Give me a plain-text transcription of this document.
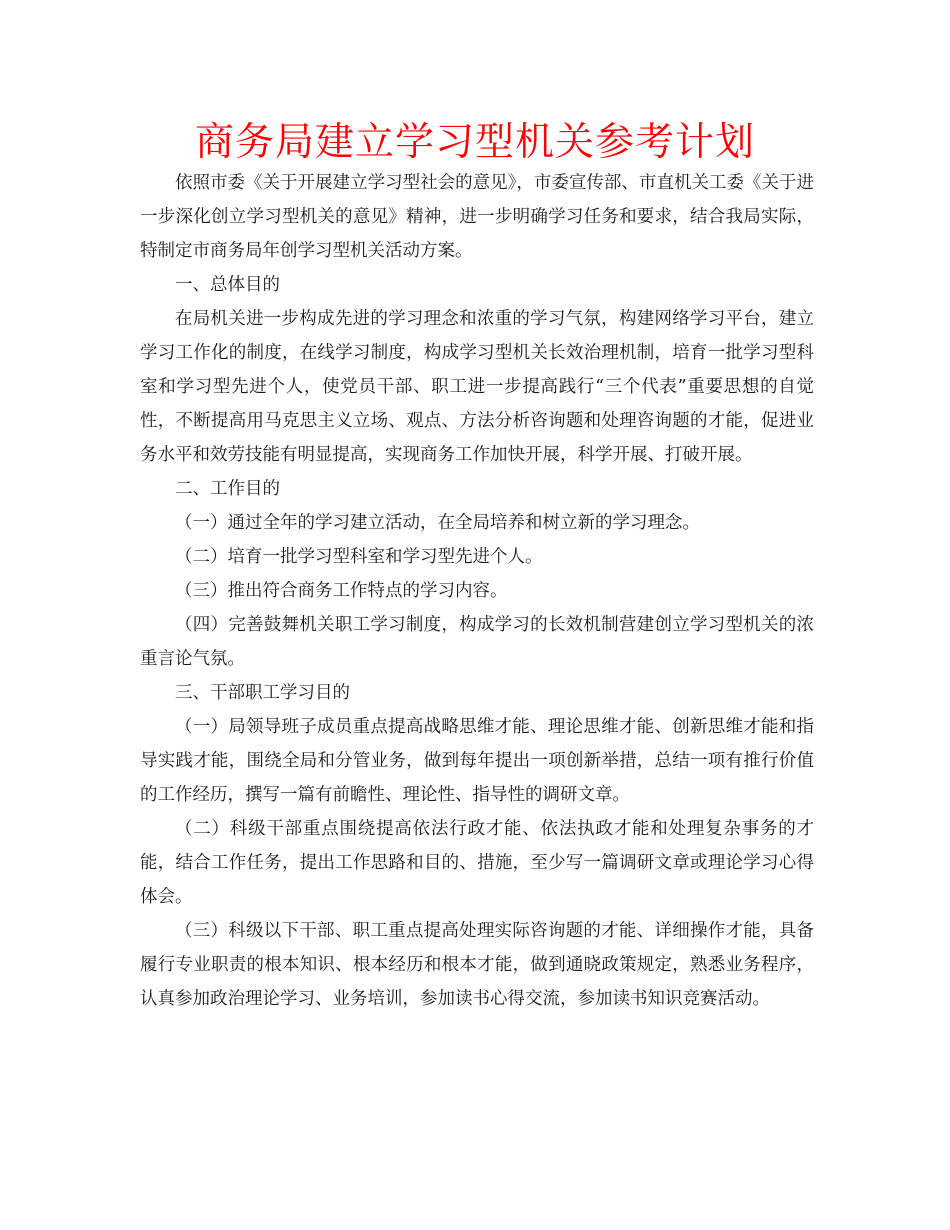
商务局建立学习型机关参考计划

依照市委《关于开展建立学习型社会的意见》，市委宣传部、市直机关工委《关于进一步深化创立学习型机关的意见》精神，进一步明确学习任务和要求，结合我局实际，特制定市商务局年创学习型机关活动方案。

一、总体目的

在局机关进一步构成先进的学习理念和浓重的学习气氛，构建网络学习平台，建立学习工作化的制度，在线学习制度，构成学习型机关长效治理机制，培育一批学习型科室和学习型先进个人，使党员干部、职工进一步提高践行“三个代表”重要思想的自觉性，不断提高用马克思主义立场、观点、方法分析咨询题和处理咨询题的才能，促进业务水平和效劳技能有明显提高，实现商务工作加快开展，科学开展、打破开展。

二、工作目的

（一）通过全年的学习建立活动，在全局培养和树立新的学习理念。

（二）培育一批学习型科室和学习型先进个人。

（三）推出符合商务工作特点的学习内容。

（四）完善鼓舞机关职工学习制度，构成学习的长效机制营建创立学习型机关的浓重言论气氛。

三、干部职工学习目的

（一）局领导班子成员重点提高战略思维才能、理论思维才能、创新思维才能和指导实践才能，围绕全局和分管业务，做到每年提出一项创新举措，总结一项有推行价值的工作经历，撰写一篇有前瞻性、理论性、指导性的调研文章。

（二）科级干部重点围绕提高依法行政才能、依法执政才能和处理复杂事务的才能，结合工作任务，提出工作思路和目的、措施，至少写一篇调研文章或理论学习心得体会。

（三）科级以下干部、职工重点提高处理实际咨询题的才能、详细操作才能，具备履行专业职责的根本知识、根本经历和根本才能，做到通晓政策规定，熟悉业务程序，认真参加政治理论学习、业务培训，参加读书心得交流，参加读书知识竞赛活动。
